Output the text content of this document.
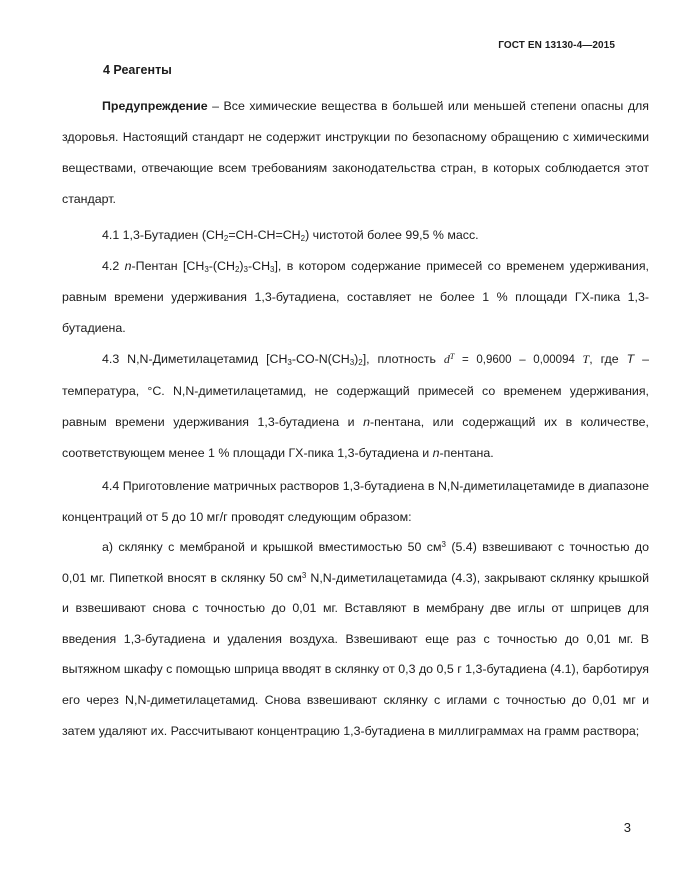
ГОСТ EN 13130-4—2015
4 Реагенты

Предупреждение – Все химические вещества в большей или меньшей степени опасны для здоровья. Настоящий стандарт не содержит инструкции по безопасному обращению с химическими веществами, отвечающие всем требованиям законодательства стран, в которых соблюдается этот стандарт.

4.1 1,3-Бутадиен $(CH_2=CH-CH=CH_2)$ чистотой более 99,5 % масс.

4.2 n-Пентан $[CH_3-(CH_2)_3-CH_3]$, в котором содержание примесей со временем удерживания, равным времени удерживания 1,3-бутадиена, составляет не более 1 % площади ГХ-пика 1,3-бутадиена.

4.3 N,N-Диметилацетамид $[CH_3-CO-N(CH_3)_2]$, плотность $d^T = 0,9600 - 0,00094$ T, где T – температура, °С. N,N-диметилацетамид, не содержащий примесей со временем удерживания, равным времени удерживания 1,3-бутадиена и n-пентана, или содержащий их в количестве, соответствующем менее 1 % площади ГХ-пика 1,3-бутадиена и n-пентана.

4.4 Приготовление матричных растворов 1,3-бутадиена в N,N-диметилацетамиде в диапазоне концентраций от 5 до 10 мг/г проводят следующим образом:

а) склянку с мембраной и крышкой вместимостью 50 $см^3$ (5.4) взвешивают с точностью до 0,01 мг. Пипеткой вносят в склянку 50 $см^3$ N,N-диметилацетамида (4.3), закрывают склянку крышкой и взвешивают снова с точностью до 0,01 мг. Вставляют в мембрану две иглы от шприцев для введения 1,3-бутадиена и удаления воздуха. Взвешивают еще раз с точностью до 0,01 мг. В вытяжном шкафу с помощью шприца вводят в склянку от 0,3 до 0,5 г 1,3-бутадиена (4.1), барботируя его через N,N-диметилацетамид. Снова взвешивают склянку с иглами с точностью до 0,01 мг и затем удаляют их. Рассчитывают концентрацию 1,3-бутадиена в миллиграммах на грамм раствора;

3
